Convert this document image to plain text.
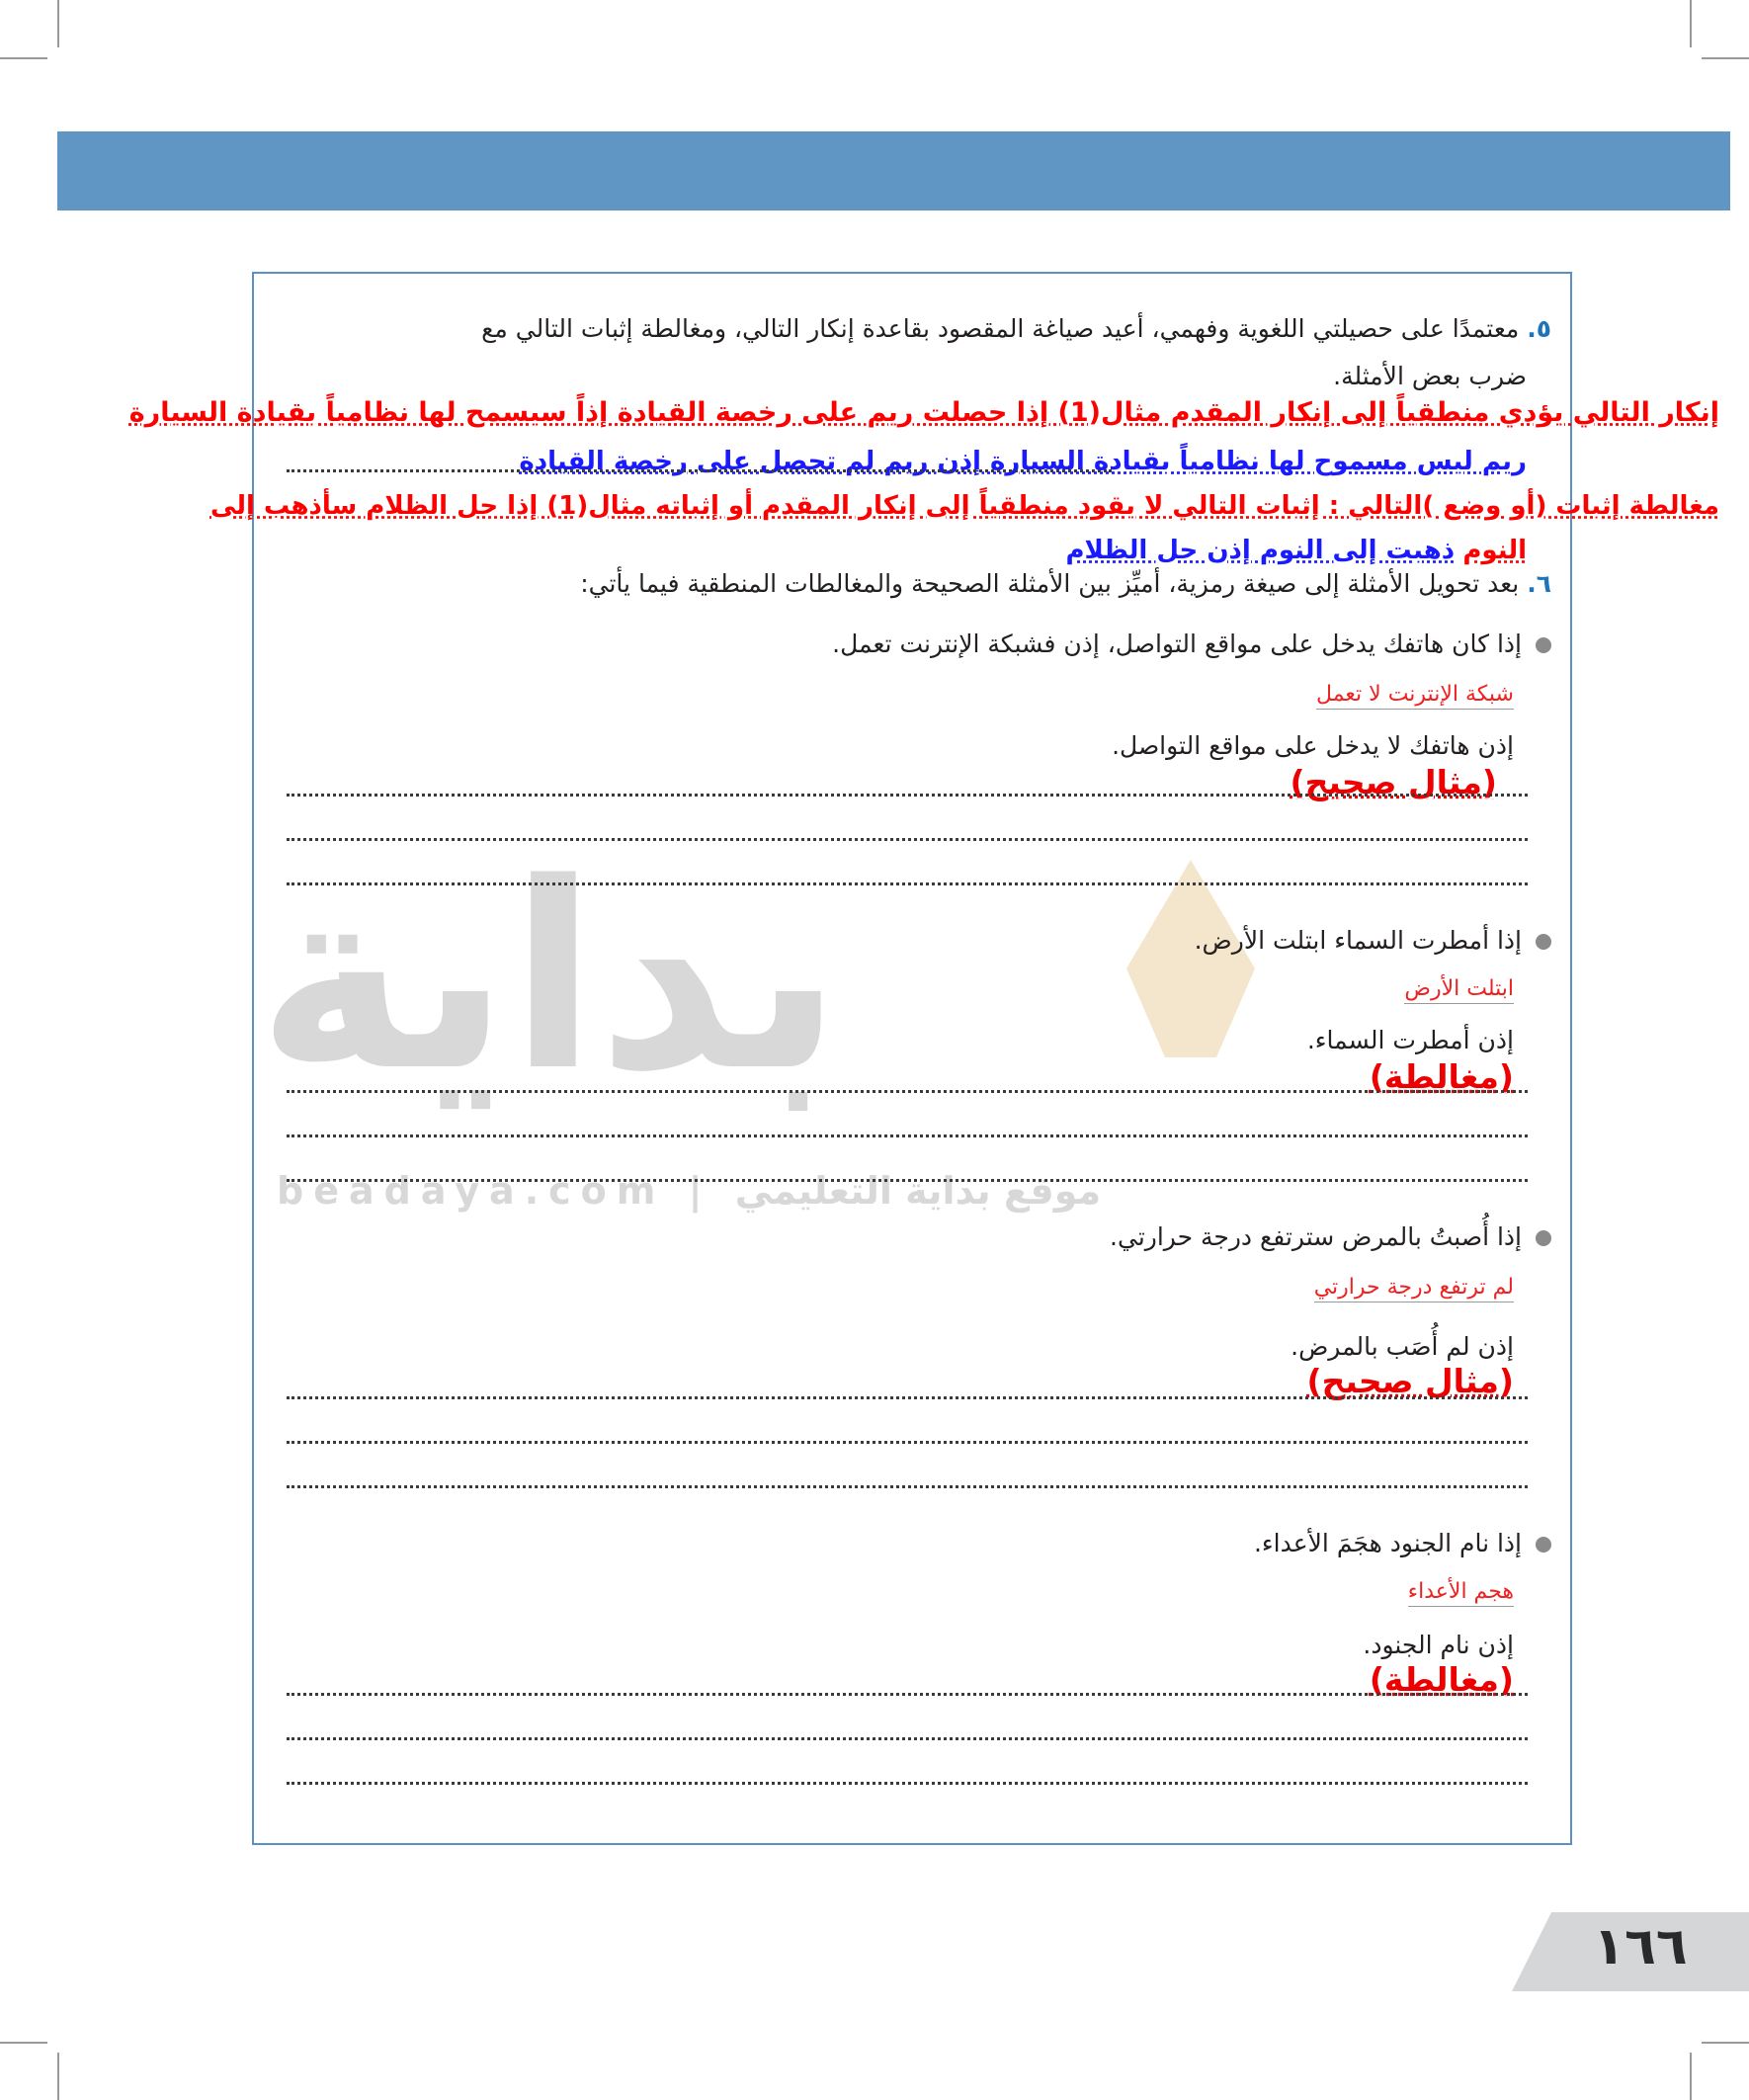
بداية
beadaya.com | موقع بداية التعليمي
٥. معتمدًا على حصيلتي اللغوية وفهمي، أعيد صياغة المقصود بقاعدة إنكار التالي، ومغالطة إثبات التالي مع
ضرب بعض الأمثلة.
إنكار التالي يؤدي منطقياً إلى إنكار المقدم مثال(1) إذا حصلت ريم على رخصة القيادة إذاً سيسمح لها نظامياً بقيادة السيارة
ريم ليس مسموح لها نظامياً بقيادة السيارة إذن ريم لم تحصل على رخصة القيادة
مغالطة إثبات (أو وضع )التالي : إثبات التالي لا يقود منطقياً إلى إنكار المقدم أو إثباته مثال(1) إذا حل الظلام سأذهب إلى
النوم ذهبت إلى النوم إذن حل الظلام
٦. بعد تحويل الأمثلة إلى صيغة رمزية، أميِّز بين الأمثلة الصحيحة والمغالطات المنطقية فيما يأتي:
إذا كان هاتفك يدخل على مواقع التواصل، إذن فشبكة الإنترنت تعمل.
شبكة الإنترنت لا تعمل
إذن هاتفك لا يدخل على مواقع التواصل.
(مثال صحيح)
إذا أمطرت السماء ابتلت الأرض.
ابتلت الأرض
إذن أمطرت السماء.
(مغالطة)
إذا أُصبتُ بالمرض سترتفع درجة حرارتي.
لم ترتفع درجة حرارتي
إذن لم أُصَب بالمرض.
(مثال صحيح)
إذا نام الجنود هجَمَ الأعداء.
هجم الأعداء
إذن نام الجنود.
(مغالطة)
١٦٦
